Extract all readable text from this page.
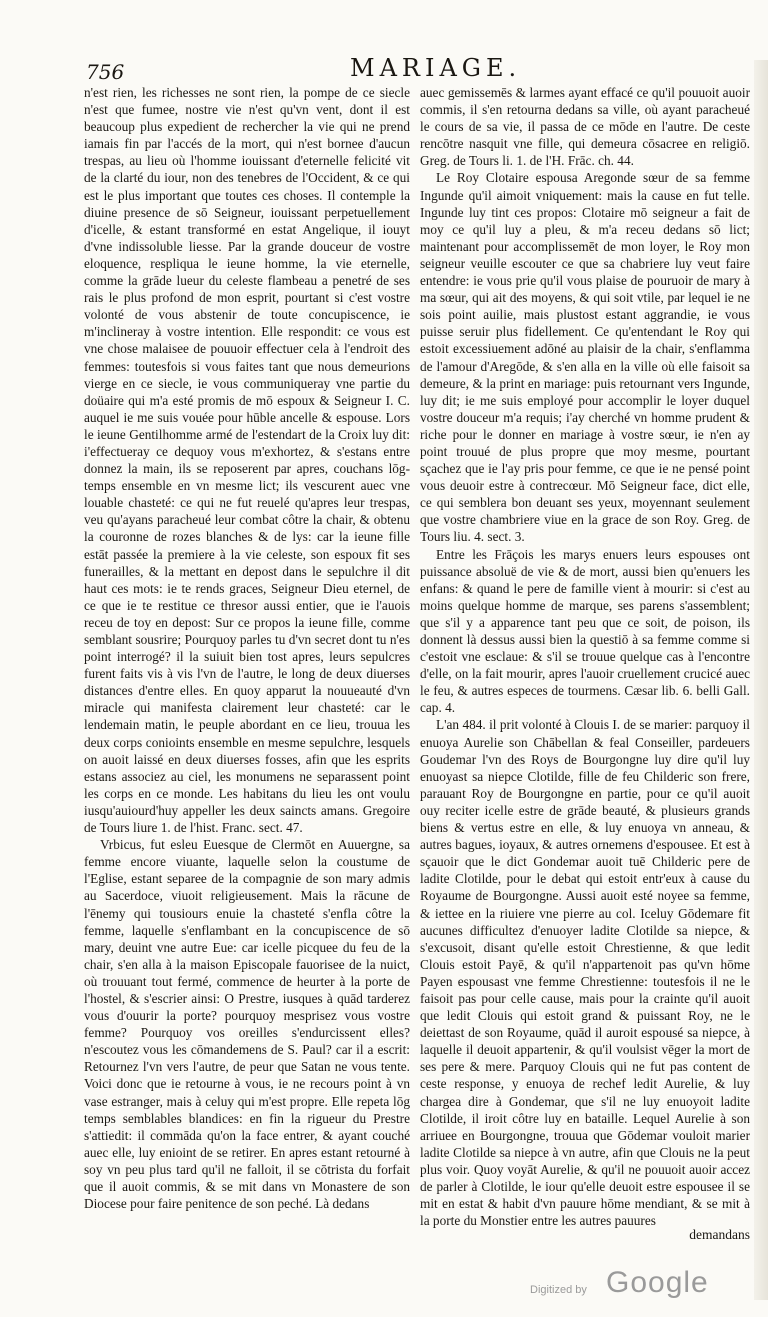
756	MARIAGE.

n'est rien, les richesses ne sont rien, la pompe de ce siecle n'est que fumee, nostre vie n'est qu'vn vent, dont il est beaucoup plus expedient de rechercher la vie qui ne prend iamais fin par l'accés de la mort, qui n'est bornee d'aucun trespas, au lieu où l'homme iouissant d'eternelle felicité vit de la clarté du iour, non des tenebres de l'Occident, & ce qui est le plus important que toutes ces choses. Il contemple la diuine presence de sō Seigneur, iouissant perpetuellement d'icelle, & estant transformé en estat Angelique, il iouyt d'vne indissoluble liesse. Par la grande douceur de vostre eloquence, respliqua le ieune homme, la vie eternelle, comme la grāde lueur du celeste flambeau a penetré de ses rais le plus profond de mon esprit, pourtant si c'est vostre volonté de vous abstenir de toute concupiscence, ie m'inclineray à vostre intention. Elle respondit: ce vous est vne chose malaisee de pouuoir effectuer cela à l'endroit des femmes: toutesfois si vous faites tant que nous demeurions vierge en ce siecle, ie vous communiqueray vne partie du doüaire qui m'a esté promis de mō espoux & Seigneur I. C. auquel ie me suis vouée pour hūble ancelle & espouse. Lors le ieune Gentilhomme armé de l'estendart de la Croix luy dit: i'effectueray ce dequoy vous m'exhortez, & s'estans entre donnez la main, ils se reposerent par apres, couchans lōg-temps ensemble en vn mesme lict; ils vescurent auec vne louable chasteté: ce qui ne fut reuelé qu'apres leur trespas, veu qu'ayans paracheué leur combat côtre la chair, & obtenu la couronne de rozes blanches & de lys: car la ieune fille estāt passée la premiere à la vie celeste, son espoux fit ses funerailles, & la mettant en depost dans le sepulchre il dit haut ces mots: ie te rends graces, Seigneur Dieu eternel, de ce que ie te restitue ce thresor aussi entier, que ie l'auois receu de toy en depost: Sur ce propos la ieune fille, comme semblant sousrire; Pourquoy parles tu d'vn secret dont tu n'es point interrogé? il la suiuit bien tost apres, leurs sepulcres furent faits vis à vis l'vn de l'autre, le long de deux diuerses distances d'entre elles. En quoy apparut la nouueauté d'vn miracle qui manifesta clairement leur chasteté: car le lendemain matin, le peuple abordant en ce lieu, trouua les deux corps conioints ensemble en mesme sepulchre, lesquels on auoit laissé en deux diuerses fosses, afin que les esprits estans associez au ciel, les monumens ne separassent point les corps en ce monde. Les habitans du lieu les ont voulu iusqu'auiourd'huy appeller les deux saincts amans. Gregoire de Tours liure 1. de l'hist. Franc. sect. 47.

Vrbicus, fut esleu Euesque de Clermōt en Auuergne, sa femme encore viuante, laquelle selon la coustume de l'Eglise, estant separee de la compagnie de son mary admis au Sacerdoce, viuoit religieusement. Mais la rācune de l'ēnemy qui tousiours enuie la chasteté s'enfla côtre la femme, laquelle s'enflambant en la concupiscence de sō mary, deuint vne autre Eue: car icelle picquee du feu de la chair, s'en alla à la maison Episcopale fauorisee de la nuict, où trouuant tout fermé, commence de heurter à la porte de l'hostel, & s'escrier ainsi: O Prestre, iusques à quād tarderez vous d'ouurir la porte? pourquoy mesprisez vous vostre femme? Pourquoy vos oreilles s'endurcissent elles? n'escoutez vous les cōmandemens de S. Paul? car il a escrit: Retournez l'vn vers l'autre, de peur que Satan ne vous tente. Voici donc que ie retourne à vous, ie ne recours point à vn vase estranger, mais à celuy qui m'est propre. Elle repeta lōg temps semblables blandices: en fin la rigueur du Prestre s'attiedit: il commāda qu'on la face entrer, & ayant couché auec elle, luy enioint de se retirer. En apres estant retourné à soy vn peu plus tard qu'il ne falloit, il se cōtrista du forfait que il auoit commis, & se mit dans vn Monastere de son Diocese pour faire penitence de son peché. Là dedans

auec gemissemēs & larmes ayant effacé ce qu'il pouuoit auoir commis, il s'en retourna dedans sa ville, où ayant paracheué le cours de sa vie, il passa de ce mōde en l'autre. De ceste rencōtre nasquit vne fille, qui demeura cōsacree en religiō. Greg. de Tours li. 1. de l'H. Frāc. ch. 44.

Le Roy Clotaire espousa Aregonde sœur de sa femme Ingunde qu'il aimoit vniquement: mais la cause en fut telle. Ingunde luy tint ces propos: Clotaire mō seigneur a fait de moy ce qu'il luy a pleu, & m'a receu dedans sō lict; maintenant pour accomplissemēt de mon loyer, le Roy mon seigneur veuille escouter ce que sa chabriere luy veut faire entendre: ie vous prie qu'il vous plaise de pouruoir de mary à ma sœur, qui ait des moyens, & qui soit vtile, par lequel ie ne sois point auilie, mais plustost estant aggrandie, ie vous puisse seruir plus fidellement. Ce qu'entendant le Roy qui estoit excessiuement adōné au plaisir de la chair, s'enflamma de l'amour d'Aregōde, & s'en alla en la ville où elle faisoit sa demeure, & la print en mariage: puis retournant vers Ingunde, luy dit; ie me suis employé pour accomplir le loyer duquel vostre douceur m'a requis; i'ay cherché vn homme prudent & riche pour le donner en mariage à vostre sœur, ie n'en ay point trouué de plus propre que moy mesme, pourtant sçachez que ie l'ay pris pour femme, ce que ie ne pensé point vous deuoir estre à contrecœur. Mō Seigneur face, dict elle, ce qui semblera bon deuant ses yeux, moyennant seulement que vostre chambriere viue en la grace de son Roy. Greg. de Tours liu. 4. sect. 3.

Entre les Frāçois les marys enuers leurs espouses ont puissance absoluë de vie & de mort, aussi bien qu'enuers les enfans: & quand le pere de famille vient à mourir: si c'est au moins quelque homme de marque, ses parens s'assemblent; que s'il y a apparence tant peu que ce soit, de poison, ils donnent là dessus aussi bien la questiō à sa femme comme si c'estoit vne esclaue: & s'il se trouue quelque cas à l'encontre d'elle, on la fait mourir, apres l'auoir cruellement crucicé auec le feu, & autres especes de tourmens. Cæsar lib. 6. belli Gall. cap. 4.

L'an 484. il prit volonté à Clouis I. de se marier: parquoy il enuoya Aurelie son Chābellan & feal Conseiller, pardeuers Goudemar l'vn des Roys de Bourgongne luy dire qu'il luy enuoyast sa niepce Clotilde, fille de feu Childeric son frere, parauant Roy de Bourgongne en partie, pour ce qu'il auoit ouy reciter icelle estre de grāde beauté, & plusieurs grands biens & vertus estre en elle, & luy enuoya vn anneau, & autres bagues, ioyaux, & autres ornemens d'espousee. Et est à sçauoir que le dict Gondemar auoit tuē Childeric pere de ladite Clotilde, pour le debat qui estoit entr'eux à cause du Royaume de Bourgongne. Aussi auoit esté noyee sa femme, & iettee en la riuiere vne pierre au col. Iceluy Gōdemare fit aucunes difficultez d'enuoyer ladite Clotilde sa niepce, & s'excusoit, disant qu'elle estoit Chrestienne, & que ledit Clouis estoit Payē, & qu'il n'appartenoit pas qu'vn hōme Payen espousast vne femme Chrestienne: toutesfois il ne le faisoit pas pour celle cause, mais pour la crainte qu'il auoit que ledit Clouis qui estoit grand & puissant Roy, ne le deiettast de son Royaume, quād il auroit espousé sa niepce, à laquelle il deuoit appartenir, & qu'il voulsist vēger la mort de ses pere & mere. Parquoy Clouis qui ne fut pas content de ceste response, y enuoya de rechef ledit Aurelie, & luy chargea dire à Gondemar, que s'il ne luy enuoyoit ladite Clotilde, il iroit côtre luy en bataille. Lequel Aurelie à son arriuee en Bourgongne, trouua que Gōdemar vouloit marier ladite Clotilde sa niepce à vn autre, afin que Clouis ne la peut plus voir. Quoy voyāt Aurelie, & qu'il ne pouuoit auoir accez de parler à Clotilde, le iour qu'elle deuoit estre espousee il se mit en estat & habit d'vn pauure hōme mendiant, & se mit à la porte du Monstier entre les autres pauures

demandans
Digitized by Google
